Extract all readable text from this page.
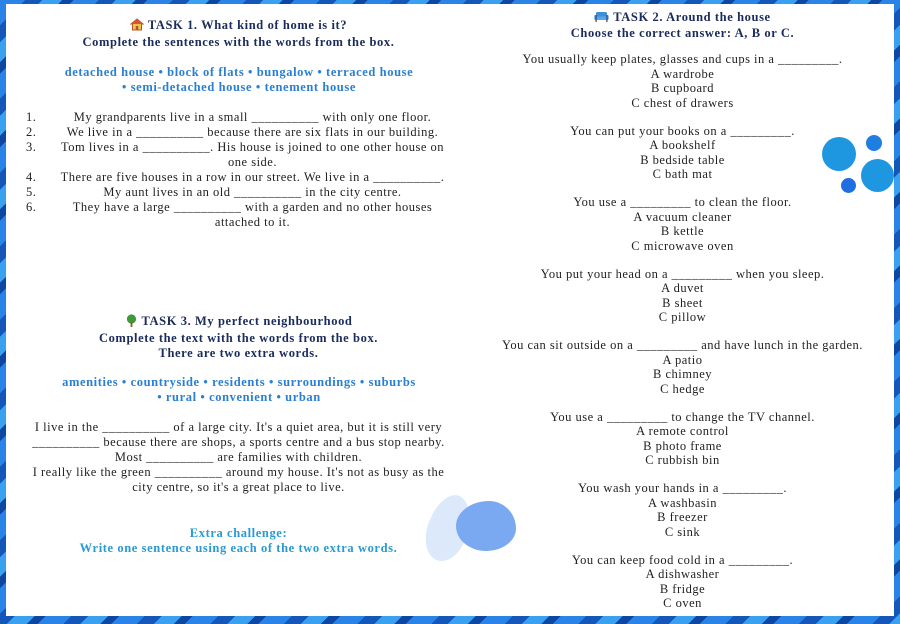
TASK 1. What kind of home is it?
Complete the sentences with the words from the box.
detached house • block of flats • bungalow • terraced house
• semi-detached house • tenement house
1.	My grandparents live in a small __________ with only one floor.
2.	We live in a __________ because there are six flats in our building.
3.	Tom lives in a __________. His house is joined to one other house on one side.
4.	There are five houses in a row in our street. We live in a __________.
5.	My aunt lives in an old __________ in the city centre.
6.	They have a large __________ with a garden and no other houses attached to it.
TASK 3. My perfect neighbourhood
Complete the text with the words from the box.
There are two extra words.
amenities • countryside • residents • surroundings • suburbs
• rural • convenient • urban
I live in the __________ of a large city. It's a quiet area, but it is still very __________ because there are shops, a sports centre and a bus stop nearby. Most __________ are families with children.
I really like the green __________ around my house. It's not as busy as the city centre, so it's a great place to live.
Extra challenge:
Write one sentence using each of the two extra words.
TASK 2. Around the house
Choose the correct answer: A, B or C.
You usually keep plates, glasses and cups in a _________.
A wardrobe
B cupboard
C chest of drawers
You can put your books on a _________.
A bookshelf
B bedside table
C bath mat
You use a _________ to clean the floor.
A vacuum cleaner
B kettle
C microwave oven
You put your head on a _________ when you sleep.
A duvet
B sheet
C pillow
You can sit outside on a _________ and have lunch in the garden.
A patio
B chimney
C hedge
You use a _________ to change the TV channel.
A remote control
B photo frame
C rubbish bin
You wash your hands in a _________.
A washbasin
B freezer
C sink
You can keep food cold in a _________.
A dishwasher
B fridge
C oven
